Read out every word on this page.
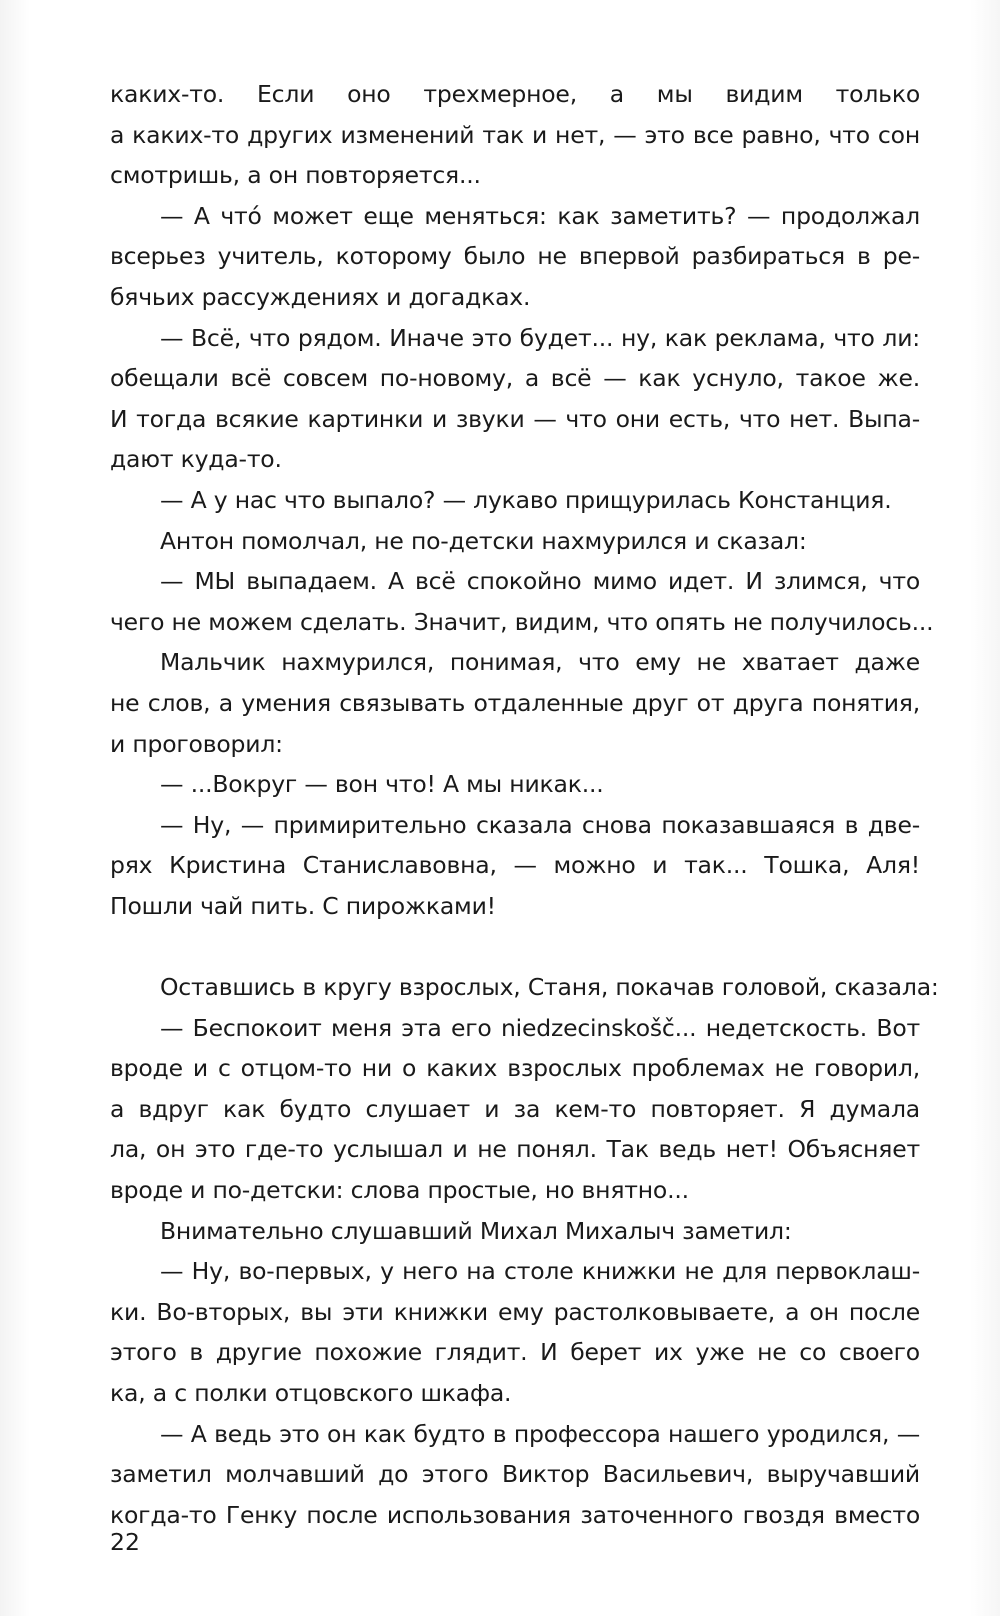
каких-то. Если оно трехмерное, а мы видим только
а каких-то других изменений так и нет, — это все равно, что сон
смотришь, а он повторяется...
— А чтó может еще меняться: как заметить? — продолжал
всерьез учитель, которому было не впервой разбираться в ре-
бячьих рассуждениях и догадках.
— Всё, что рядом. Иначе это будет... ну, как реклама, что ли:
обещали всё совсем по-новому, а всё — как уснуло, такое же.
И тогда всякие картинки и звуки — что они есть, что нет. Выпа-
дают куда-то.
— А у нас что выпало? — лукаво прищурилась Констанция.
Антон помолчал, не по-детски нахмурился и сказал:
— МЫ выпадаем. А всё спокойно мимо идет. И злимся, что
чего не можем сделать. Значит, видим, что опять не получилось...
Мальчик нахмурился, понимая, что ему не хватает даже
не слов, а умения связывать отдаленные друг от друга понятия,
и проговорил:
— ...Вокруг — вон что! А мы никак...
— Ну, — примирительно сказала снова показавшаяся в две-
рях Кристина Станиславовна, — можно и так... Тошка, Аля!
Пошли чай пить. С пирожками!
Оставшись в кругу взрослых, Станя, покачав головой, сказала:
— Беспокоит меня эта его niedzecinskošč... недетскость. Вот
вроде и с отцом-то ни о каких взрослых проблемах не говорил,
а вдруг как будто слушает и за кем-то повторяет. Я думала
ла, он это где-то услышал и не понял. Так ведь нет! Объясняет
вроде и по-детски: слова простые, но внятно...
Внимательно слушавший Михал Михалыч заметил:
— Ну, во-первых, у него на столе книжки не для первоклаш-
ки. Во-вторых, вы эти книжки ему растолковываете, а он после
этого в другие похожие глядит. И берет их уже не со своего
ка, а с полки отцовского шкафа.
— А ведь это он как будто в профессора нашего уродился, —
заметил молчавший до этого Виктор Васильевич, выручавший
когда-то Генку после использования заточенного гвоздя вместо
22
